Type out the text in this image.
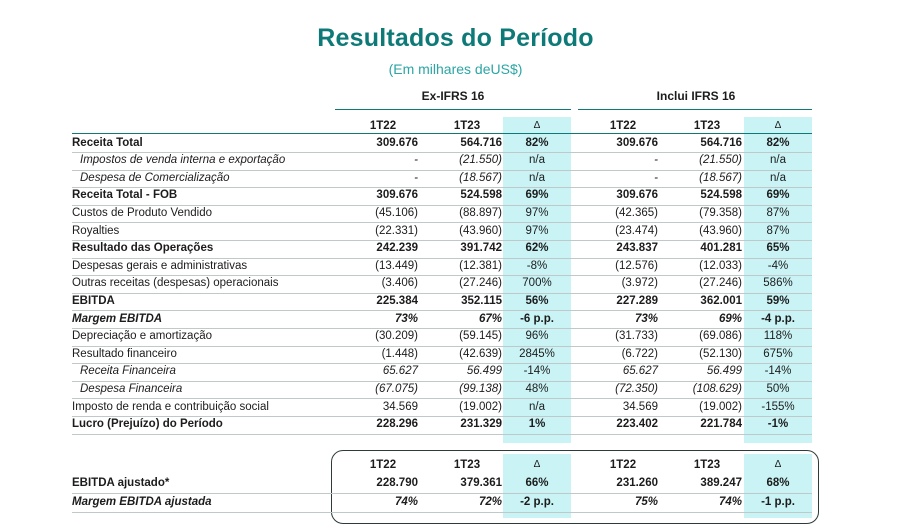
Resultados do Período
(Em milhares deUS$)
Ex-IFRS 16	Inclui IFRS 16
1T22	1T23	Δ	1T22	1T23	Δ
Receita Total	309.676	564.716	82%	309.676	564.716	82%
Impostos de venda interna e exportação	-	(21.550)	n/a	-	(21.550)	n/a
Despesa de Comercialização	-	(18.567)	n/a	-	(18.567)	n/a
Receita Total - FOB	309.676	524.598	69%	309.676	524.598	69%
Custos de Produto Vendido	(45.106)	(88.897)	97%	(42.365)	(79.358)	87%
Royalties	(22.331)	(43.960)	97%	(23.474)	(43.960)	87%
Resultado das Operações	242.239	391.742	62%	243.837	401.281	65%
Despesas gerais e administrativas	(13.449)	(12.381)	-8%	(12.576)	(12.033)	-4%
Outras receitas (despesas) operacionais	(3.406)	(27.246)	700%	(3.972)	(27.246)	586%
EBITDA	225.384	352.115	56%	227.289	362.001	59%
Margem EBITDA	73%	67%	-6 p.p.	73%	69%	-4 p.p.
Depreciação e amortização	(30.209)	(59.145)	96%	(31.733)	(69.086)	118%
Resultado financeiro	(1.448)	(42.639)	2845%	(6.722)	(52.130)	675%
Receita Financeira	65.627	56.499	-14%	65.627	56.499	-14%
Despesa Financeira	(67.075)	(99.138)	48%	(72.350)	(108.629)	50%
Imposto de renda e contribuição social	34.569	(19.002)	n/a	34.569	(19.002)	-155%
Lucro (Prejuízo) do Período	228.296	231.329	1%	223.402	221.784	-1%
1T22	1T23	Δ	1T22	1T23	Δ
EBITDA ajustado*	228.790	379.361	66%	231.260	389.247	68%
Margem EBITDA ajustada	74%	72%	-2 p.p.	75%	74%	-1 p.p.
